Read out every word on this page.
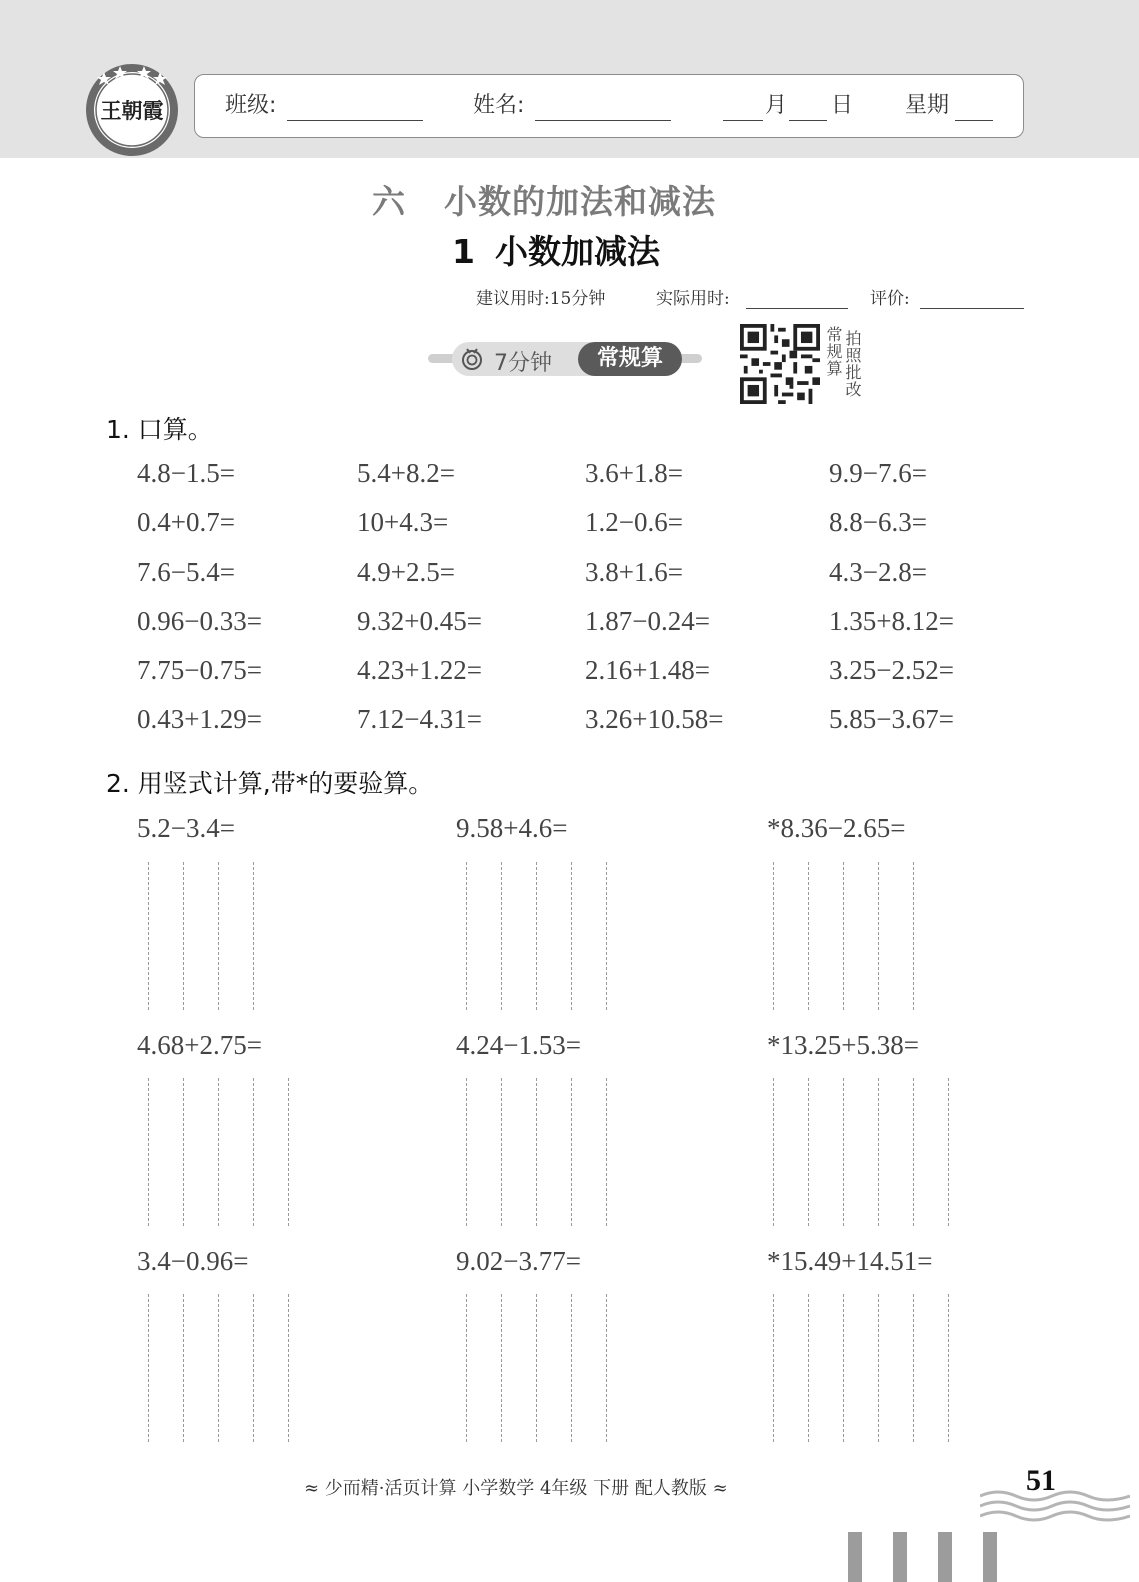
王朝霞	班级:	姓名:	月 日 星期
六 小数的加法和减法
1 小数加减法
建议用时:15分钟	实际用时:	评价:
7分钟	常规算	常规算 拍照批改
1. 口算。
4.8−1.5=	5.4+8.2=	3.6+1.8=	9.9−7.6=
0.4+0.7=	10+4.3=	1.2−0.6=	8.8−6.3=
7.6−5.4=	4.9+2.5=	3.8+1.6=	4.3−2.8=
0.96−0.33=	9.32+0.45=	1.87−0.24=	1.35+8.12=
7.75−0.75=	4.23+1.22=	2.16+1.48=	3.25−2.52=
0.43+1.29=	7.12−4.31=	3.26+10.58=	5.85−3.67=
2. 用竖式计算,带*的要验算。
5.2−3.4=	9.58+4.6=	*8.36−2.65=
4.68+2.75=	4.24−1.53=	*13.25+5.38=
3.4−0.96=	9.02−3.77=	*15.49+14.51=
≈ 少而精·活页计算 小学数学 4年级 下册 配人教版 ≈	51
